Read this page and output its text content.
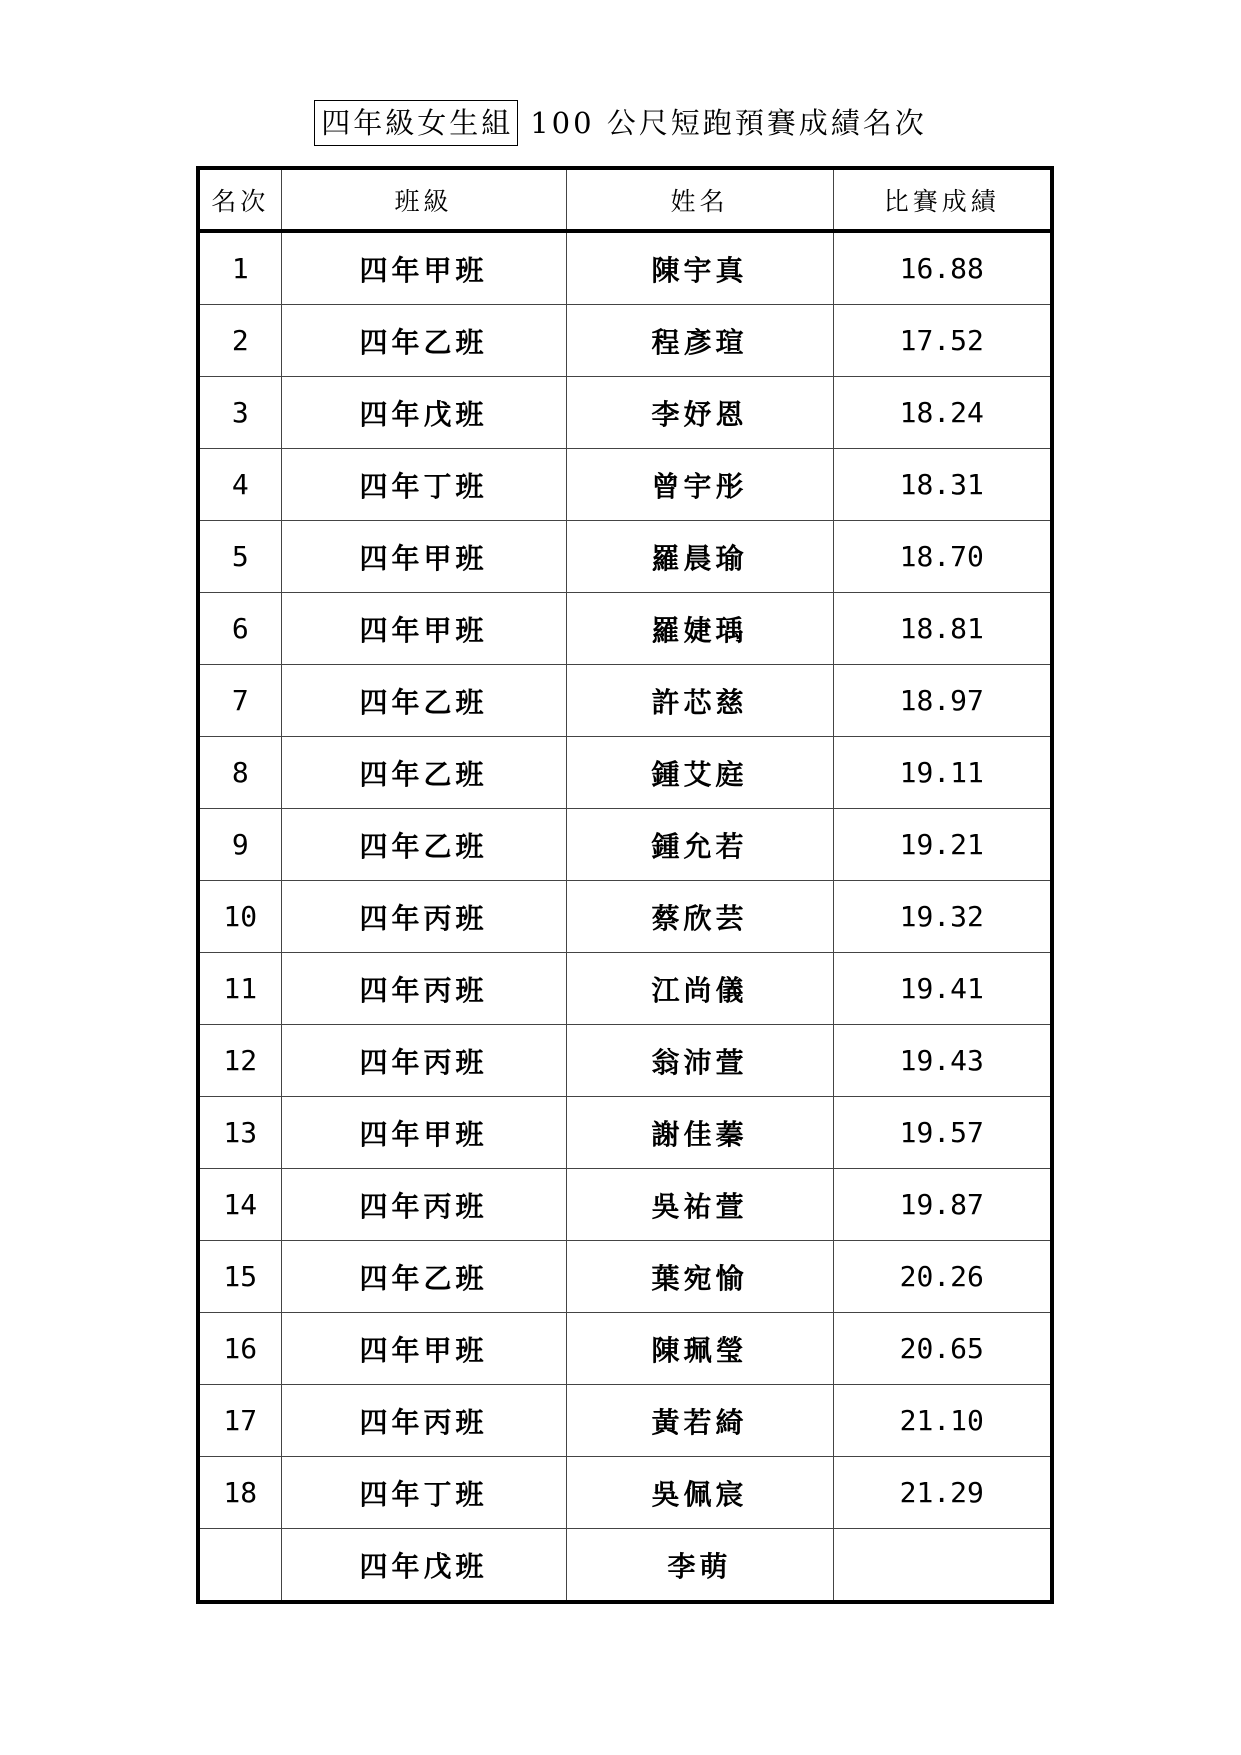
四年級女生組 100 公尺短跑預賽成績名次
名次	班級	姓名	比賽成績
1	四年甲班	陳宇真	16.88
2	四年乙班	程彥瑄	17.52
3	四年戊班	李妤恩	18.24
4	四年丁班	曾宇彤	18.31
5	四年甲班	羅晨瑜	18.70
6	四年甲班	羅婕瑀	18.81
7	四年乙班	許芯慈	18.97
8	四年乙班	鍾艾庭	19.11
9	四年乙班	鍾允若	19.21
10	四年丙班	蔡欣芸	19.32
11	四年丙班	江尚儀	19.41
12	四年丙班	翁沛萱	19.43
13	四年甲班	謝佳蓁	19.57
14	四年丙班	吳祐萱	19.87
15	四年乙班	葉宛愉	20.26
16	四年甲班	陳珮瑩	20.65
17	四年丙班	黃若綺	21.10
18	四年丁班	吳佩宸	21.29
	四年戊班	李萌	
